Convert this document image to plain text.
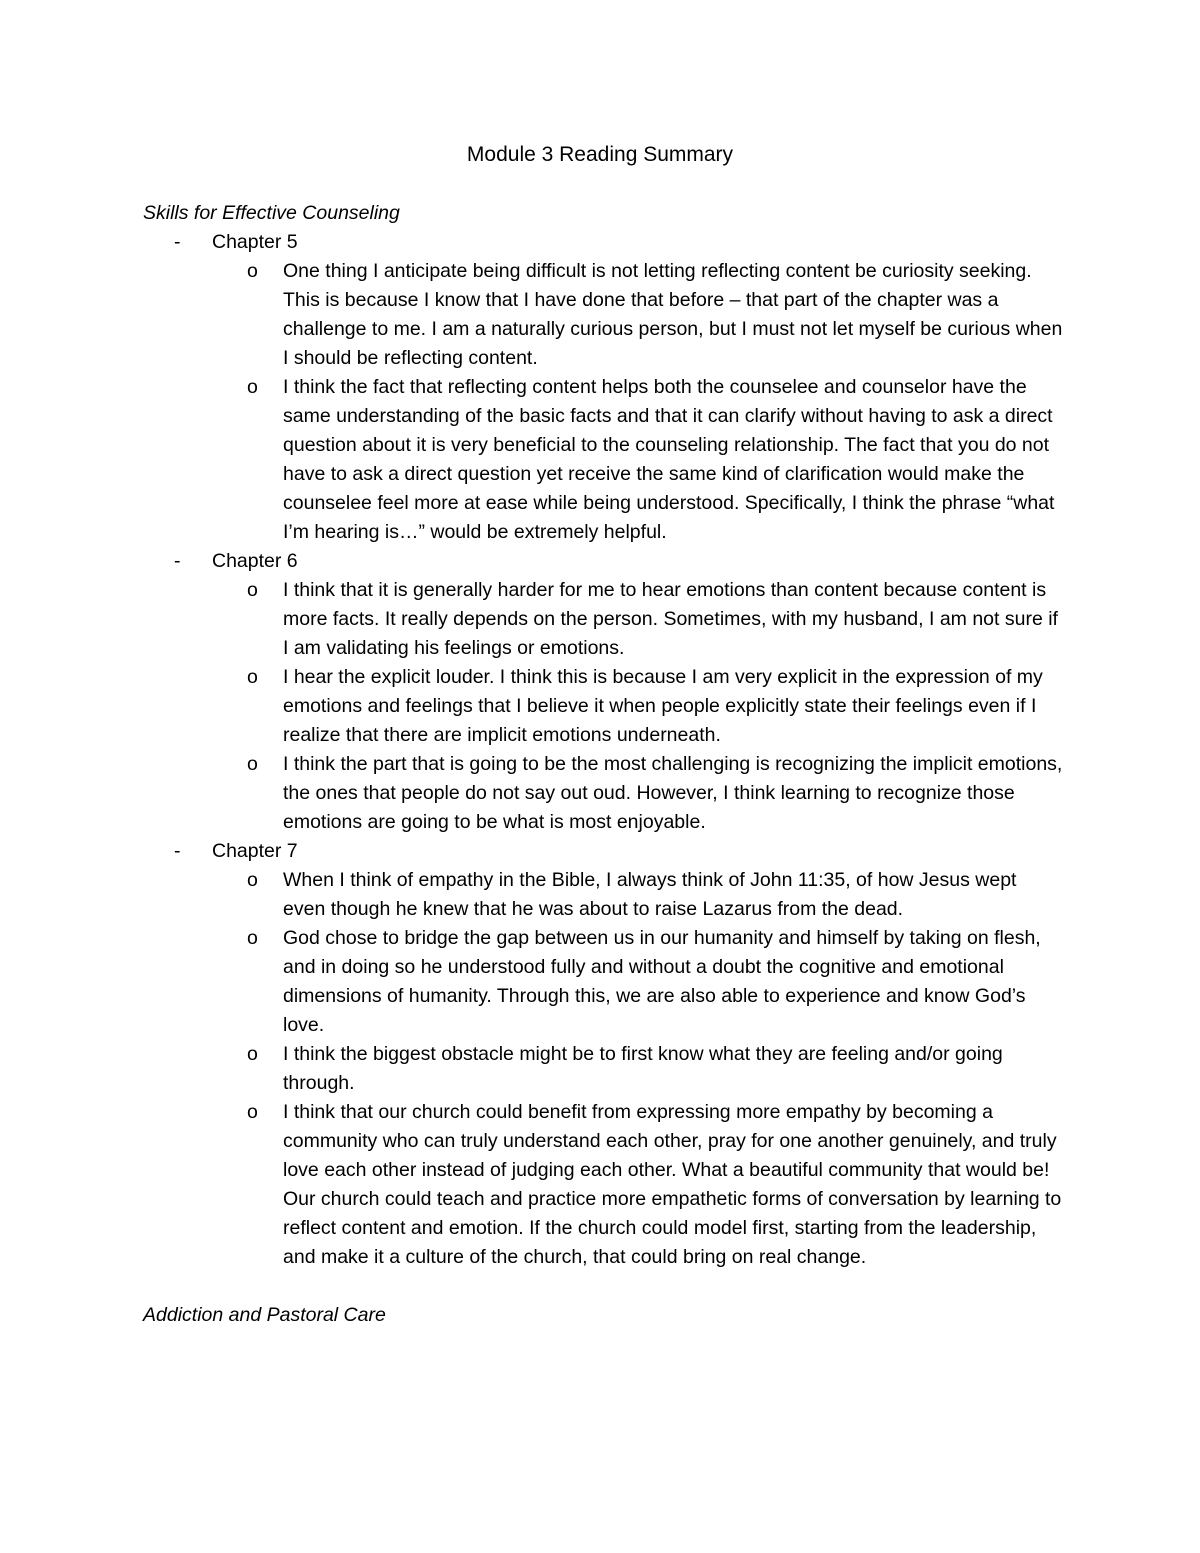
Module 3 Reading Summary

Skills for Effective Counseling

- Chapter 5
o One thing I anticipate being difficult is not letting reflecting content be curiosity seeking. This is because I know that I have done that before – that part of the chapter was a challenge to me. I am a naturally curious person, but I must not let myself be curious when I should be reflecting content.
o I think the fact that reflecting content helps both the counselee and counselor have the same understanding of the basic facts and that it can clarify without having to ask a direct question about it is very beneficial to the counseling relationship. The fact that you do not have to ask a direct question yet receive the same kind of clarification would make the counselee feel more at ease while being understood. Specifically, I think the phrase “what I’m hearing is…” would be extremely helpful.
- Chapter 6
o I think that it is generally harder for me to hear emotions than content because content is more facts. It really depends on the person. Sometimes, with my husband, I am not sure if I am validating his feelings or emotions.
o I hear the explicit louder. I think this is because I am very explicit in the expression of my emotions and feelings that I believe it when people explicitly state their feelings even if I realize that there are implicit emotions underneath.
o I think the part that is going to be the most challenging is recognizing the implicit emotions, the ones that people do not say out oud. However, I think learning to recognize those emotions are going to be what is most enjoyable.
- Chapter 7
o When I think of empathy in the Bible, I always think of John 11:35, of how Jesus wept even though he knew that he was about to raise Lazarus from the dead.
o God chose to bridge the gap between us in our humanity and himself by taking on flesh, and in doing so he understood fully and without a doubt the cognitive and emotional dimensions of humanity. Through this, we are also able to experience and know God’s love.
o I think the biggest obstacle might be to first know what they are feeling and/or going through.
o I think that our church could benefit from expressing more empathy by becoming a community who can truly understand each other, pray for one another genuinely, and truly love each other instead of judging each other. What a beautiful community that would be! Our church could teach and practice more empathetic forms of conversation by learning to reflect content and emotion. If the church could model first, starting from the leadership, and make it a culture of the church, that could bring on real change.

Addiction and Pastoral Care
